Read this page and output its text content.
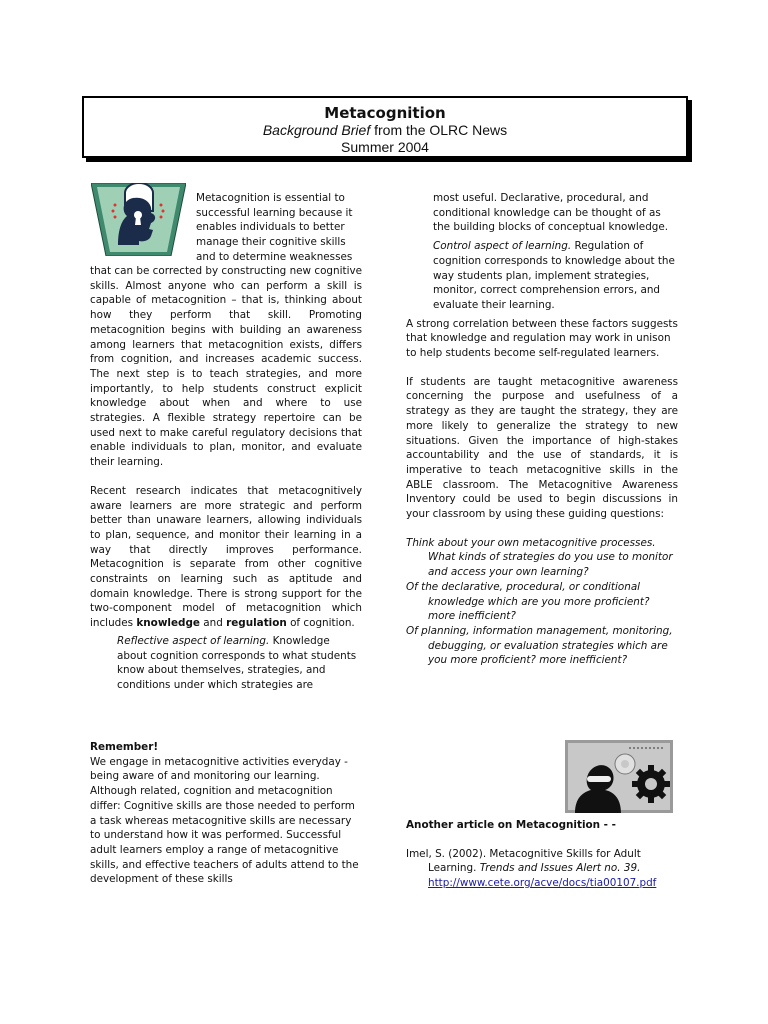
Metacognition
Background Brief from the OLRC News
Summer 2004

Metacognition is essential to

successful learning because it

enables individuals to better

manage their cognitive skills

and to determine weaknesses

that can be corrected by constructing new cognitive skills. Almost anyone who can perform a skill is capable of metacognition – that is, thinking about how they perform that skill. Promoting metacognition begins with building an awareness among learners that metacognition exists, differs from cognition, and increases academic success. The next step is to teach strategies, and more importantly, to help students construct explicit knowledge about when and where to use strategies. A flexible strategy repertoire can be used next to make careful regulatory decisions that enable individuals to plan, monitor, and evaluate their learning.

Recent research indicates that metacognitively aware learners are more strategic and perform better than unaware learners, allowing individuals to plan, sequence, and monitor their learning in a way that directly improves performance. Metacognition is separate from other cognitive constraints on learning such as aptitude and domain knowledge. There is strong support for the two-component model of metacognition which includes knowledge and regulation of cognition.

Reflective aspect of learning. Knowledge about cognition corresponds to what students know about themselves, strategies, and conditions under which strategies are

Remember!

We engage in metacognitive activities everyday - being aware of and monitoring our learning. Although related, cognition and metacognition differ: Cognitive skills are those needed to perform a task whereas metacognitive skills are necessary to understand how it was performed. Successful adult learners employ a range of metacognitive skills, and effective teachers of adults attend to the development of these skills

most useful. Declarative, procedural, and conditional knowledge can be thought of as the building blocks of conceptual knowledge.

Control aspect of learning. Regulation of cognition corresponds to knowledge about the way students plan, implement strategies, monitor, correct comprehension errors, and evaluate their learning.

A strong correlation between these factors suggests that knowledge and regulation may work in unison to help students become self-regulated learners.

If students are taught metacognitive awareness concerning the purpose and usefulness of a strategy as they are taught the strategy, they are more likely to generalize the strategy to new situations. Given the importance of high-stakes accountability and the use of standards, it is imperative to teach metacognitive skills in the ABLE classroom. The Metacognitive Awareness Inventory could be used to begin discussions in your classroom by using these guiding questions:

Think about your own metacognitive processes.

What kinds of strategies do you use to monitor and access your own learning?

Of the declarative, procedural, or conditional knowledge which are you more proficient? more inefficient?

Of planning, information management, monitoring, debugging, or evaluation strategies which are you more proficient? more inefficient?

Another article on Metacognition - -

Imel, S. (2002). Metacognitive Skills for Adult Learning. Trends and Issues Alert no. 39.
http://www.cete.org/acve/docs/tia00107.pdf
